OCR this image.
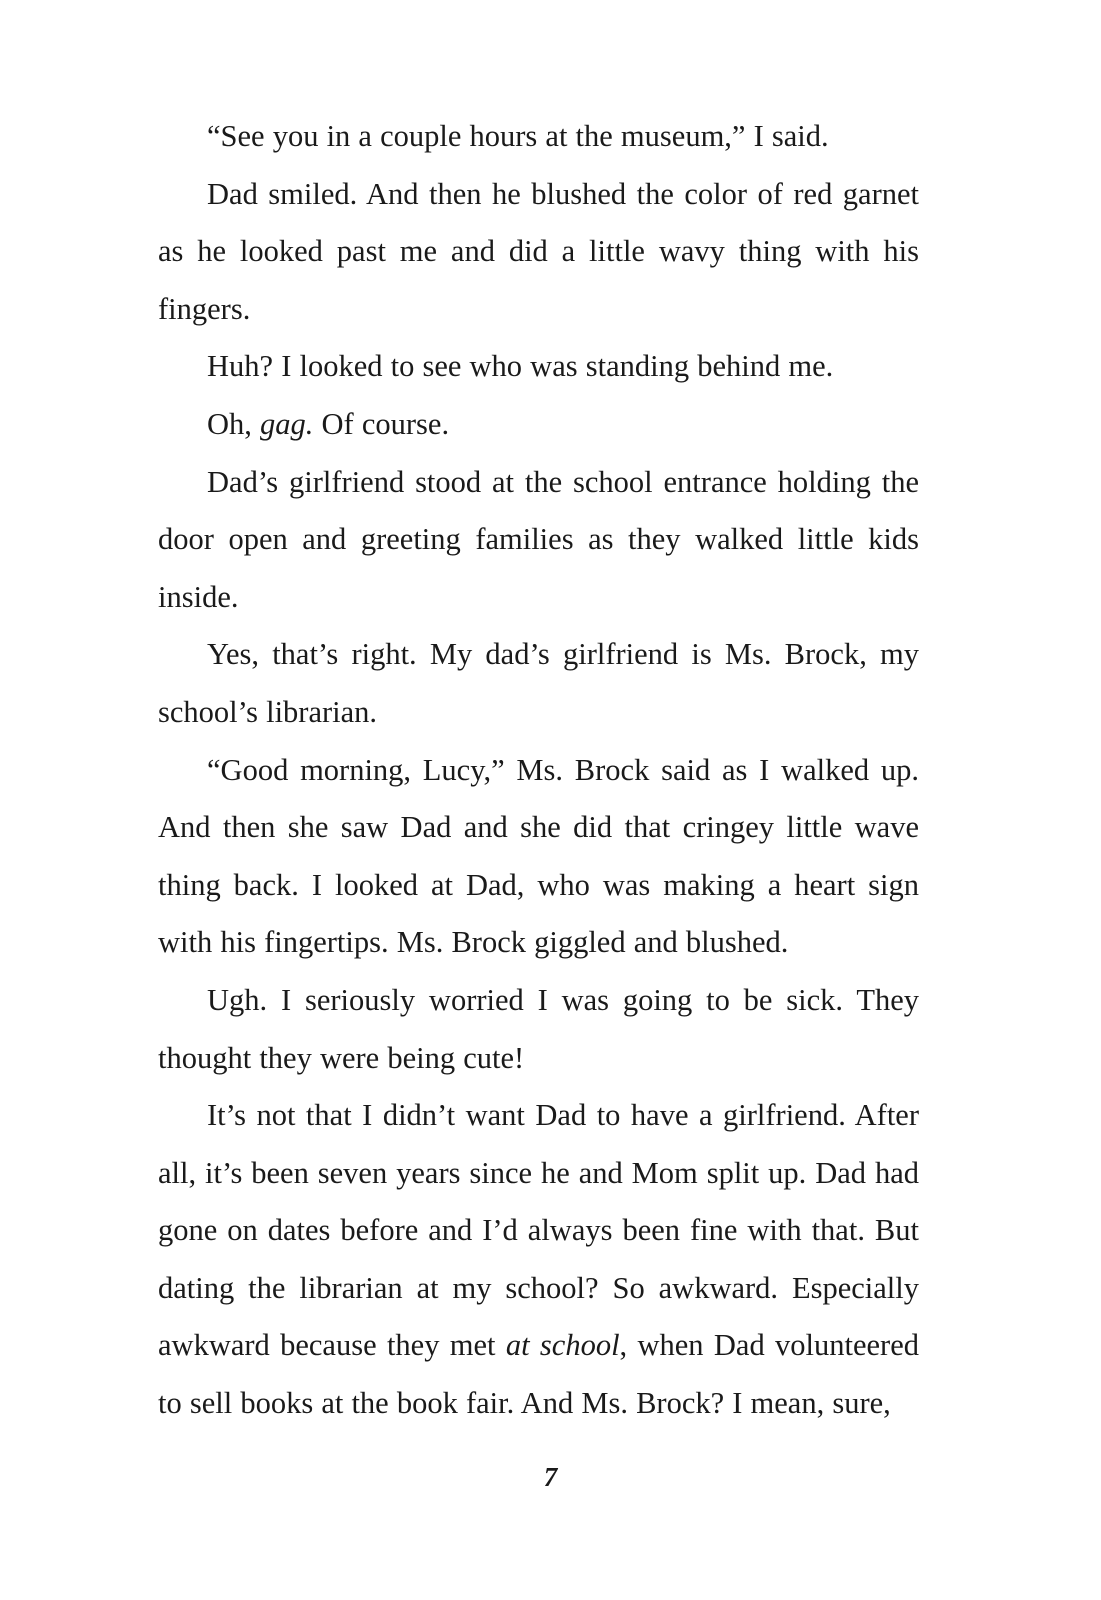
“See you in a couple hours at the museum,” I said.

Dad smiled. And then he blushed the color of red garnet as he looked past me and did a little wavy thing with his fingers.

Huh? I looked to see who was standing behind me.

Oh, gag. Of course.

Dad’s girlfriend stood at the school entrance holding the door open and greeting families as they walked little kids inside.

Yes, that’s right. My dad’s girlfriend is Ms. Brock, my school’s librarian.

“Good morning, Lucy,” Ms. Brock said as I walked up. And then she saw Dad and she did that cringey little wave thing back. I looked at Dad, who was making a heart sign with his fingertips. Ms. Brock giggled and blushed.

Ugh. I seriously worried I was going to be sick. They thought they were being cute!

It’s not that I didn’t want Dad to have a girlfriend. After all, it’s been seven years since he and Mom split up. Dad had gone on dates before and I’d always been fine with that. But dating the librarian at my school? So awkward. Especially awkward because they met at school, when Dad volunteered to sell books at the book fair. And Ms. Brock? I mean, sure,

7
